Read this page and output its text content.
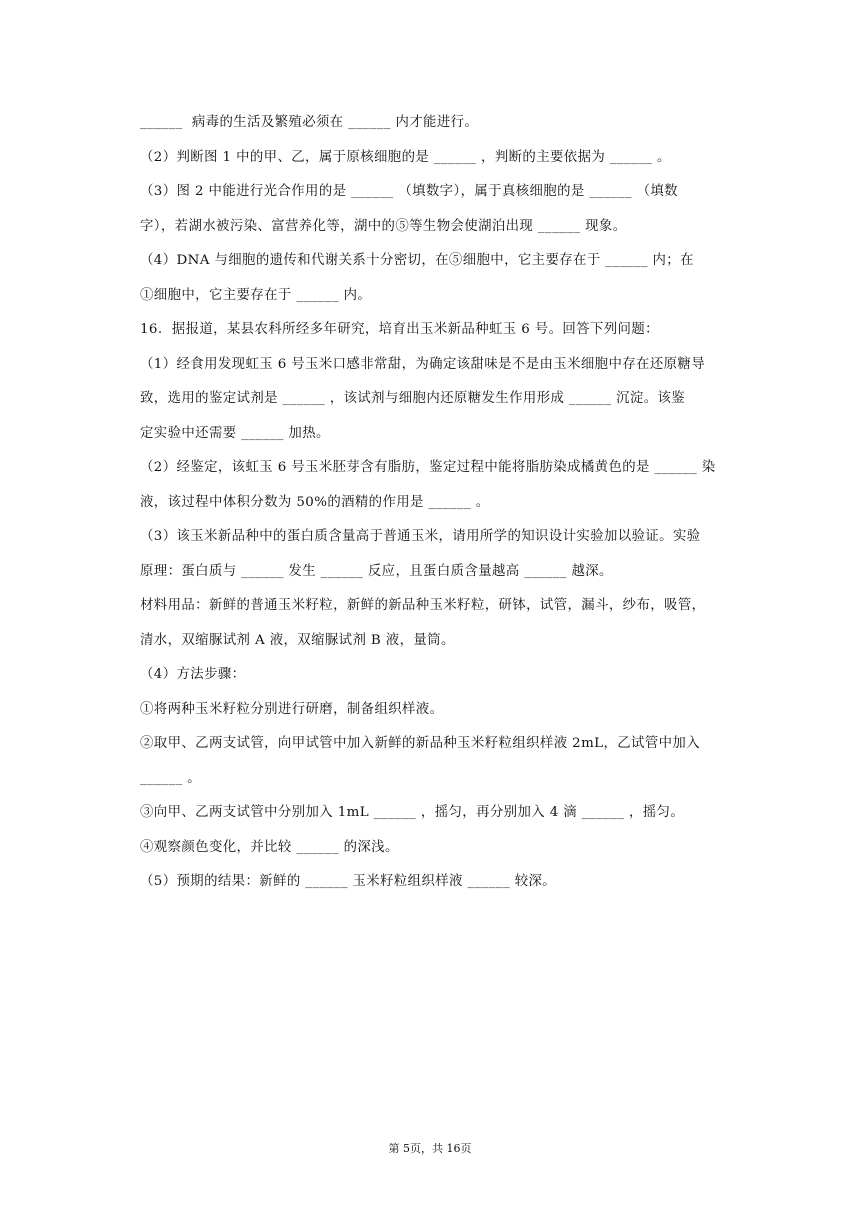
______  病毒的生活及繁殖必须在 ______ 内才能进行。

（2）判断图 1 中的甲、乙，属于原核细胞的是 ______ ，判断的主要依据为 ______ 。

（3）图 2 中能进行光合作用的是 ______ （填数字），属于真核细胞的是 ______ （填数

字），若湖水被污染、富营养化等，湖中的⑤等生物会使湖泊出现 ______ 现象。

（4）DNA 与细胞的遗传和代谢关系十分密切，在⑤细胞中，它主要存在于 ______ 内；在

①细胞中，它主要存在于 ______ 内。

16.  据报道，某县农科所经多年研究，培育出玉米新品种虹玉 6 号。回答下列问题：

（1）经食用发现虹玉 6 号玉米口感非常甜，为确定该甜味是不是由玉米细胞中存在还原糖导

致，选用的鉴定试剂是 ______ ，该试剂与细胞内还原糖发生作用形成 ______ 沉淀。该鉴

定实验中还需要 ______ 加热。

（2）经鉴定，该虹玉 6 号玉米胚芽含有脂肪，鉴定过程中能将脂肪染成橘黄色的是 ______ 染

液，该过程中体积分数为 50%的酒精的作用是 ______ 。

（3）该玉米新品种中的蛋白质含量高于普通玉米，请用所学的知识设计实验加以验证。实验

原理：蛋白质与 ______ 发生 ______ 反应，且蛋白质含量越高 ______ 越深。

材料用品：新鲜的普通玉米籽粒，新鲜的新品种玉米籽粒，研钵，试管，漏斗，纱布，吸管，

清水，双缩脲试剂 A 液，双缩脲试剂 B 液，量筒。

（4）方法步骤：

①将两种玉米籽粒分别进行研磨，制备组织样液。

②取甲、乙两支试管，向甲试管中加入新鲜的新品种玉米籽粒组织样液 2mL，乙试管中加入

______ 。

③向甲、乙两支试管中分别加入 1mL ______ ，摇匀，再分别加入 4 滴 ______ ，摇匀。

④观察颜色变化，并比较 ______ 的深浅。

（5）预期的结果：新鲜的 ______ 玉米籽粒组织样液 ______ 较深。

第 5页，共 16页
